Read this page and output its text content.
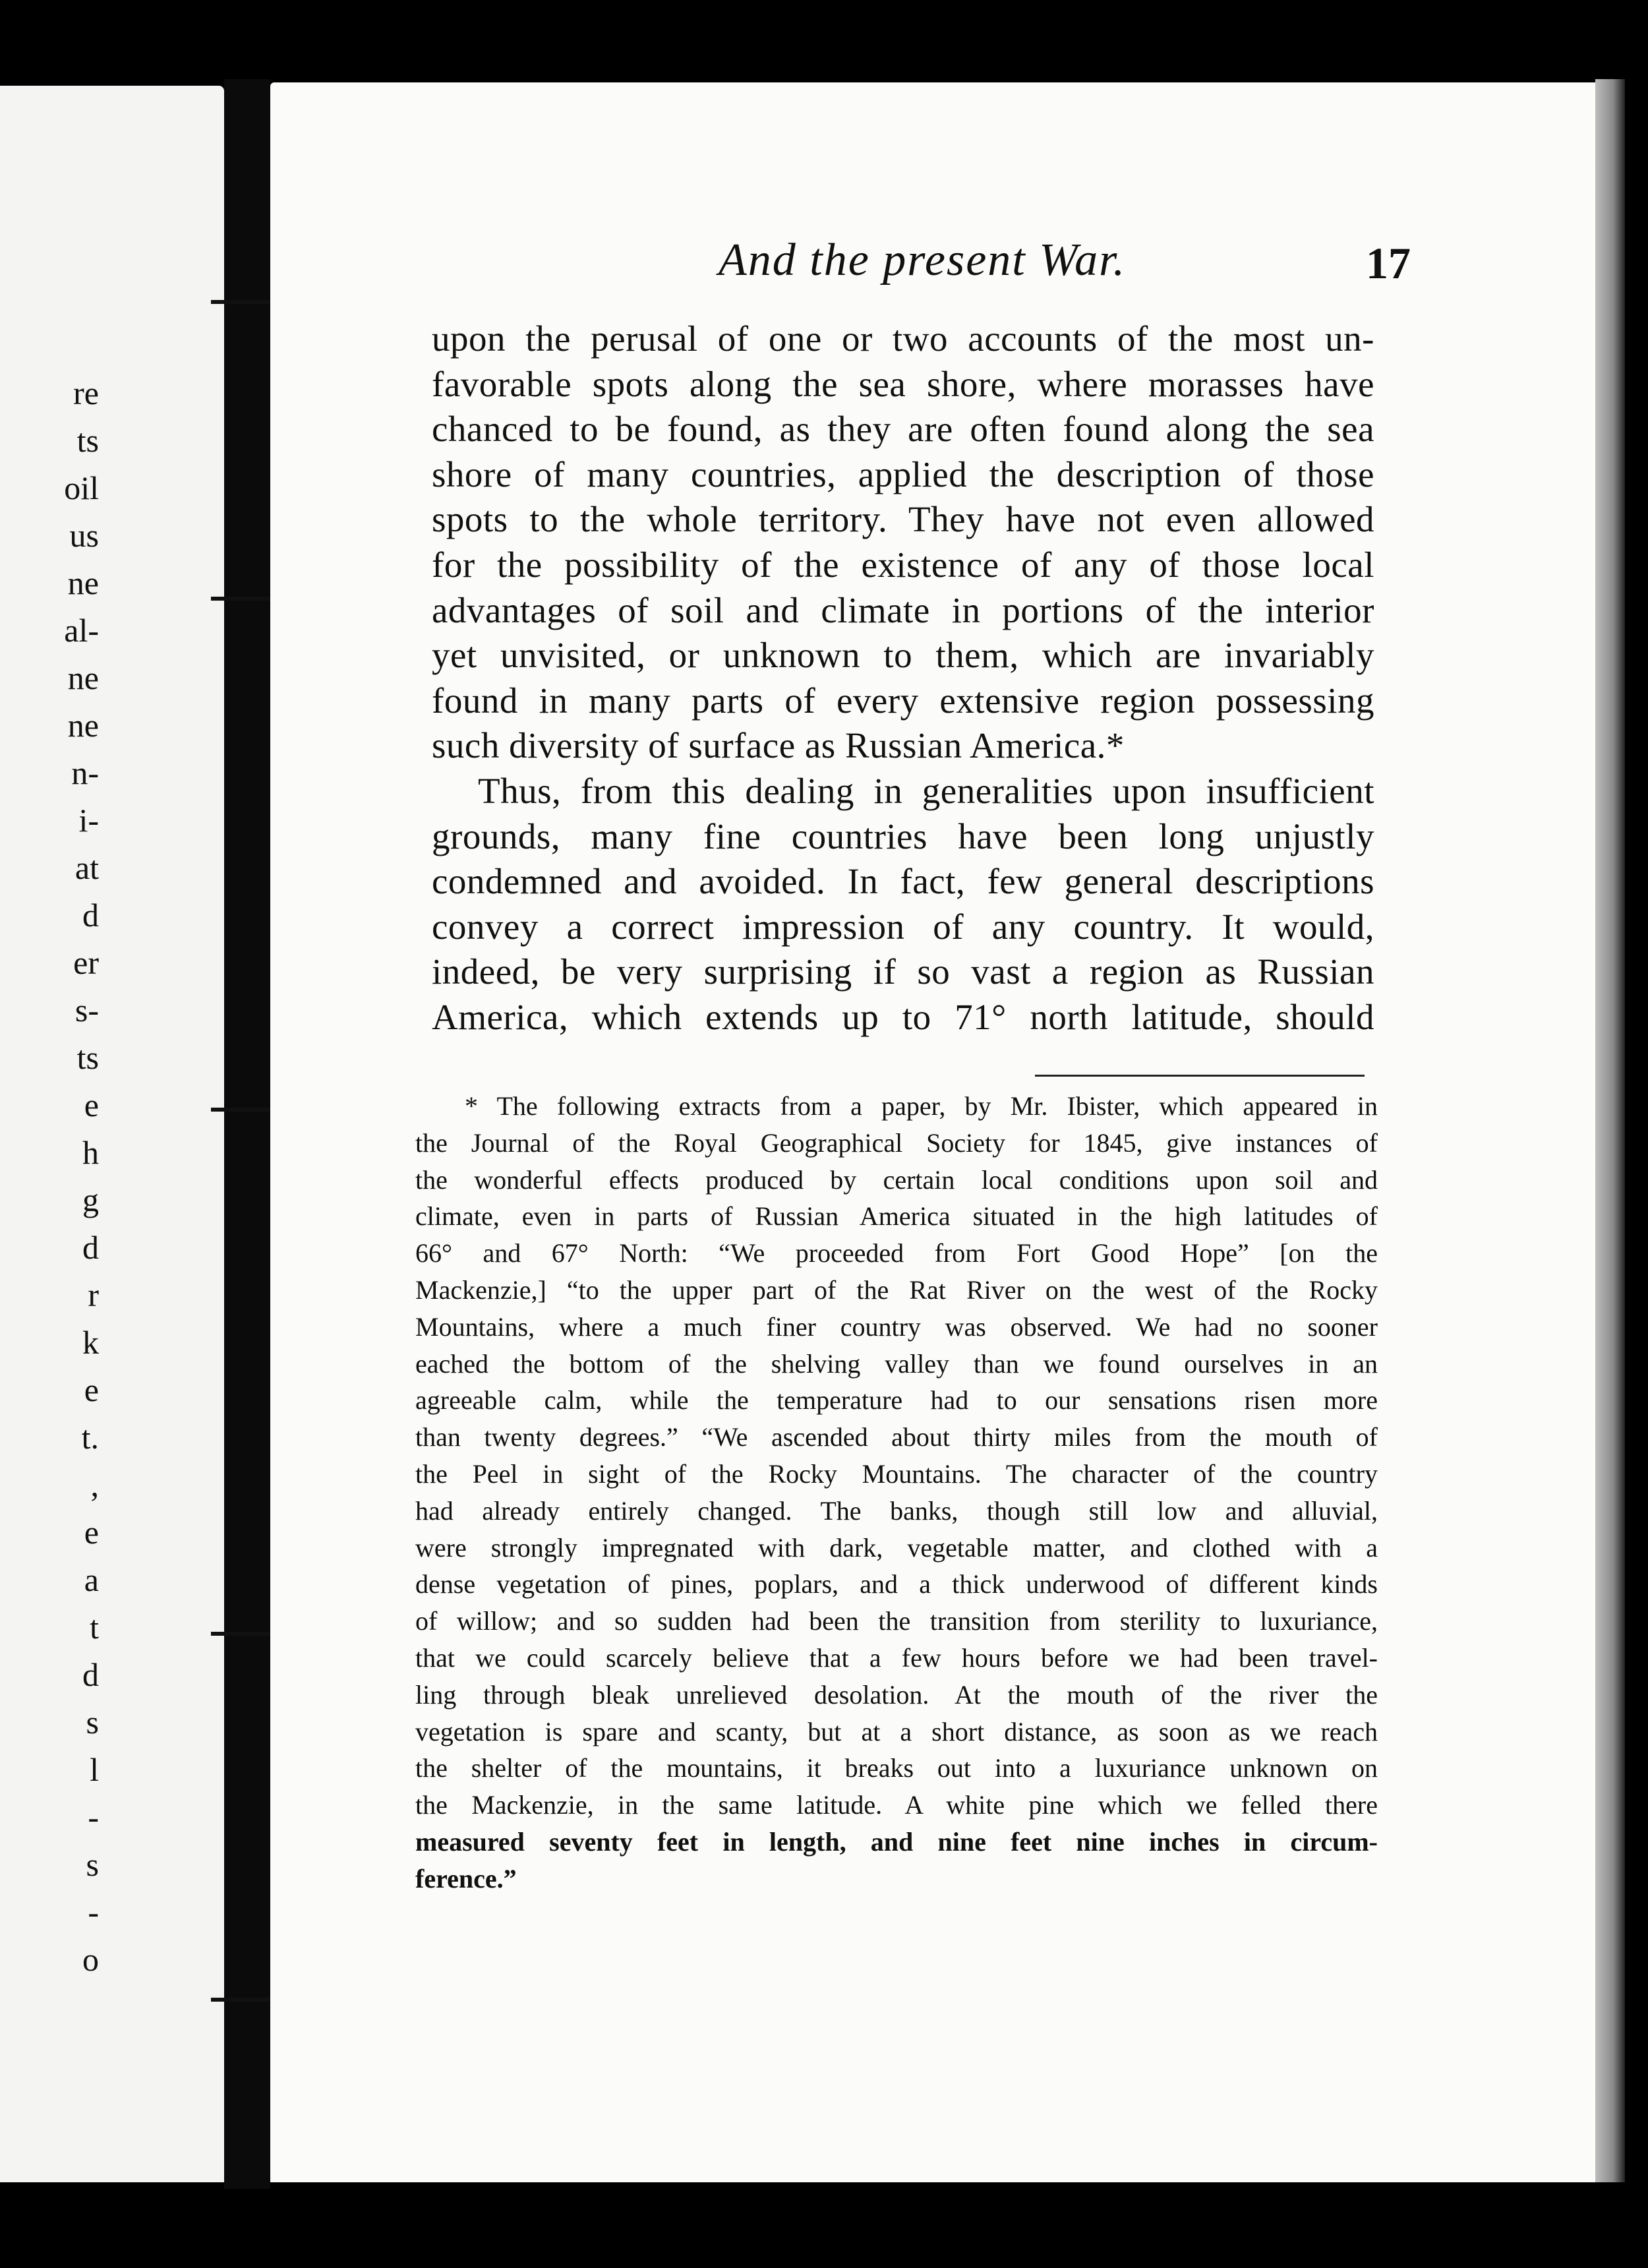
re
ts
oil
us
ne
al-
ne
ne
n-
i-
at
d
er
s-
ts
e
h
g
d
r
k
e
t.
,
e
a
t
d
s
l
-
s
-
o
And the present War.	17
upon the perusal of one or two accounts of the most un-
favorable spots along the sea shore, where morasses have
chanced to be found, as they are often found along the sea
shore of many countries, applied the description of those
spots to the whole territory. They have not even allowed
for the possibility of the existence of any of those local
advantages of soil and climate in portions of the interior
yet unvisited, or unknown to them, which are invariably
found in many parts of every extensive region possessing
such diversity of surface as Russian America.*
Thus, from this dealing in generalities upon insufficient
grounds, many fine countries have been long unjustly
condemned and avoided. In fact, few general descriptions
convey a correct impression of any country. It would,
indeed, be very surprising if so vast a region as Russian
America, which extends up to 71° north latitude, should
* The following extracts from a paper, by Mr. Ibister, which appeared in
the Journal of the Royal Geographical Society for 1845, give instances of
the wonderful effects produced by certain local conditions upon soil and
climate, even in parts of Russian America situated in the high latitudes of
66° and 67° North: “We proceeded from Fort Good Hope” [on the
Mackenzie,] “to the upper part of the Rat River on the west of the Rocky
Mountains, where a much finer country was observed. We had no sooner
eached the bottom of the shelving valley than we found ourselves in an
agreeable calm, while the temperature had to our sensations risen more
than twenty degrees.” “We ascended about thirty miles from the mouth of
the Peel in sight of the Rocky Mountains. The character of the country
had already entirely changed. The banks, though still low and alluvial,
were strongly impregnated with dark, vegetable matter, and clothed with a
dense vegetation of pines, poplars, and a thick underwood of different kinds
of willow; and so sudden had been the transition from sterility to luxuriance,
that we could scarcely believe that a few hours before we had been travel-
ling through bleak unrelieved desolation. At the mouth of the river the
vegetation is spare and scanty, but at a short distance, as soon as we reach
the shelter of the mountains, it breaks out into a luxuriance unknown on
the Mackenzie, in the same latitude. A white pine which we felled there
measured seventy feet in length, and nine feet nine inches in circum-
ference.”
